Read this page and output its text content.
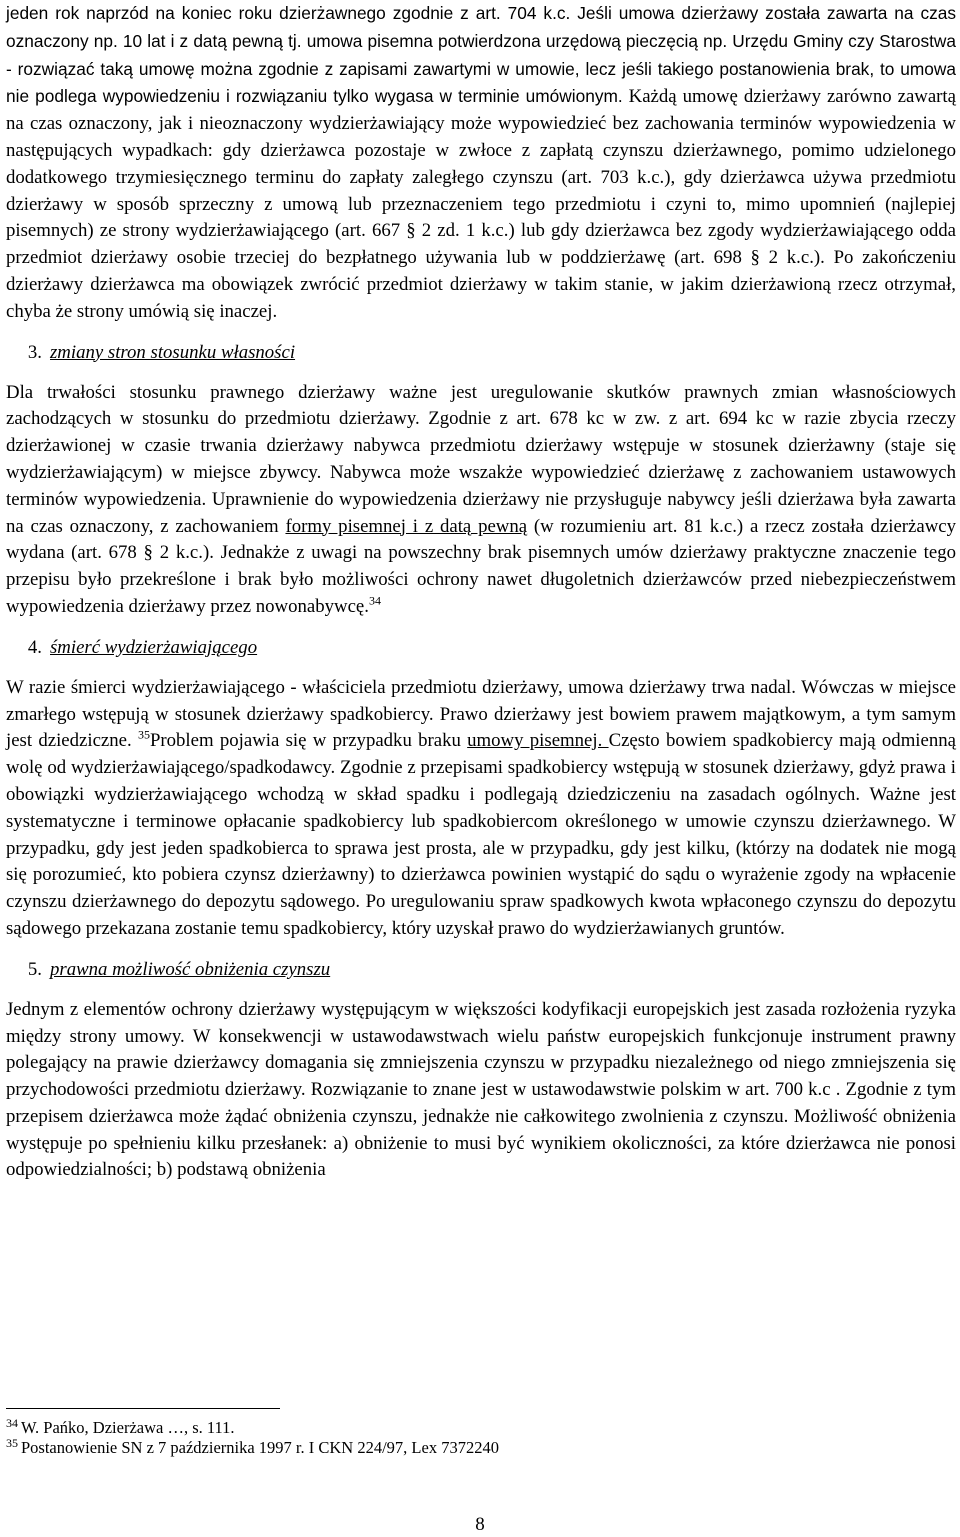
jeden rok naprzód na koniec roku dzierżawnego zgodnie z art. 704 k.c. Jeśli umowa dzierżawy została zawarta na czas oznaczony np. 10 lat i z datą pewną tj. umowa pisemna potwierdzona urzędową pieczęcią np. Urzędu Gminy czy Starostwa - rozwiązać taką umowę można zgodnie z zapisami zawartymi w umowie, lecz jeśli takiego postanowienia brak, to umowa nie podlega wypowiedzeniu i rozwiązaniu tylko wygasa w terminie umówionym. Każdą umowę dzierżawy zarówno zawartą na czas oznaczony, jak i nieoznaczony wydzierżawiający może wypowiedzieć bez zachowania terminów wypowiedzenia w następujących wypadkach: gdy dzierżawca pozostaje w zwłoce z zapłatą czynszu dzierżawnego, pomimo udzielonego dodatkowego trzymiesięcznego terminu do zapłaty zaległego czynszu (art. 703 k.c.), gdy dzierżawca używa przedmiotu dzierżawy w sposób sprzeczny z umową lub przeznaczeniem tego przedmiotu i czyni to, mimo upomnień (najlepiej pisemnych) ze strony wydzierżawiającego (art. 667 § 2 zd. 1 k.c.) lub gdy dzierżawca bez zgody wydzierżawiającego odda przedmiot dzierżawy osobie trzeciej do bezpłatnego używania lub w poddzierżawę (art. 698 § 2 k.c.). Po zakończeniu dzierżawy dzierżawca ma obowiązek zwrócić przedmiot dzierżawy w takim stanie, w jakim dzierżawioną rzecz otrzymał, chyba że strony umówią się inaczej.

3. zmiany stron stosunku własności

Dla trwałości stosunku prawnego dzierżawy ważne jest uregulowanie skutków prawnych zmian własnościowych zachodzących w stosunku do przedmiotu dzierżawy. Zgodnie z art. 678 kc w zw. z art. 694 kc w razie zbycia rzeczy dzierżawionej w czasie trwania dzierżawy nabywca przedmiotu dzierżawy wstępuje w stosunek dzierżawny (staje się wydzierżawiającym) w miejsce zbywcy. Nabywca może wszakże wypowiedzieć dzierżawę z zachowaniem ustawowych terminów wypowiedzenia. Uprawnienie do wypowiedzenia dzierżawy nie przysługuje nabywcy jeśli dzierżawa była zawarta na czas oznaczony, z zachowaniem formy pisemnej i z datą pewną (w rozumieniu art. 81 k.c.) a rzecz została dzierżawcy wydana (art. 678 § 2 k.c.). Jednakże z uwagi na powszechny brak pisemnych umów dzierżawy praktyczne znaczenie tego przepisu było przekreślone i brak było możliwości ochrony nawet długoletnich dzierżawców przed niebezpieczeństwem wypowiedzenia dzierżawy przez nowonabywcę.$^{34}$

4. śmierć wydzierżawiającego

W razie śmierci wydzierżawiającego - właściciela przedmiotu dzierżawy, umowa dzierżawy trwa nadal. Wówczas w miejsce zmarłego wstępują w stosunek dzierżawy spadkobiercy. Prawo dzierżawy jest bowiem prawem majątkowym, a tym samym jest dziedziczne. $^{35}$Problem pojawia się w przypadku braku umowy pisemnej. Często bowiem spadkobiercy mają odmienną wolę od wydzierżawiającego/spadkodawcy. Zgodnie z przepisami spadkobiercy wstępują w stosunek dzierżawy, gdyż prawa i obowiązki wydzierżawiającego wchodzą w skład spadku i podlegają dziedziczeniu na zasadach ogólnych. Ważne jest systematyczne i terminowe opłacanie spadkobiercy lub spadkobiercom określonego w umowie czynszu dzierżawnego. W przypadku, gdy jest jeden spadkobierca to sprawa jest prosta, ale w przypadku, gdy jest kilku, (którzy na dodatek nie mogą się porozumieć, kto pobiera czynsz dzierżawny) to dzierżawca powinien wystąpić do sądu o wyrażenie zgody na wpłacenie czynszu dzierżawnego do depozytu sądowego. Po uregulowaniu spraw spadkowych kwota wpłaconego czynszu do depozytu sądowego przekazana zostanie temu spadkobiercy, który uzyskał prawo do wydzierżawianych gruntów.

5. prawna możliwość obniżenia czynszu

Jednym z elementów ochrony dzierżawy występującym w większości kodyfikacji europejskich jest zasada rozłożenia ryzyka między strony umowy. W konsekwencji w ustawodawstwach wielu państw europejskich funkcjonuje instrument prawny polegający na prawie dzierżawcy domagania się zmniejszenia czynszu w przypadku niezależnego od niego zmniejszenia się przychodowości przedmiotu dzierżawy. Rozwiązanie to znane jest w ustawodawstwie polskim w art. 700 k.c . Zgodnie z tym przepisem dzierżawca może żądać obniżenia czynszu, jednakże nie całkowitego zwolnienia z czynszu. Możliwość obniżenia występuje po spełnieniu kilku przesłanek: a) obniżenie to musi być wynikiem okoliczności, za które dzierżawca nie ponosi odpowiedzialności; b) podstawą obniżenia

$^{34}$ W. Pańko, Dzierżawa …, s. 111.

$^{35}$ Postanowienie SN z 7 października 1997 r. I CKN 224/97, Lex 7372240

8
